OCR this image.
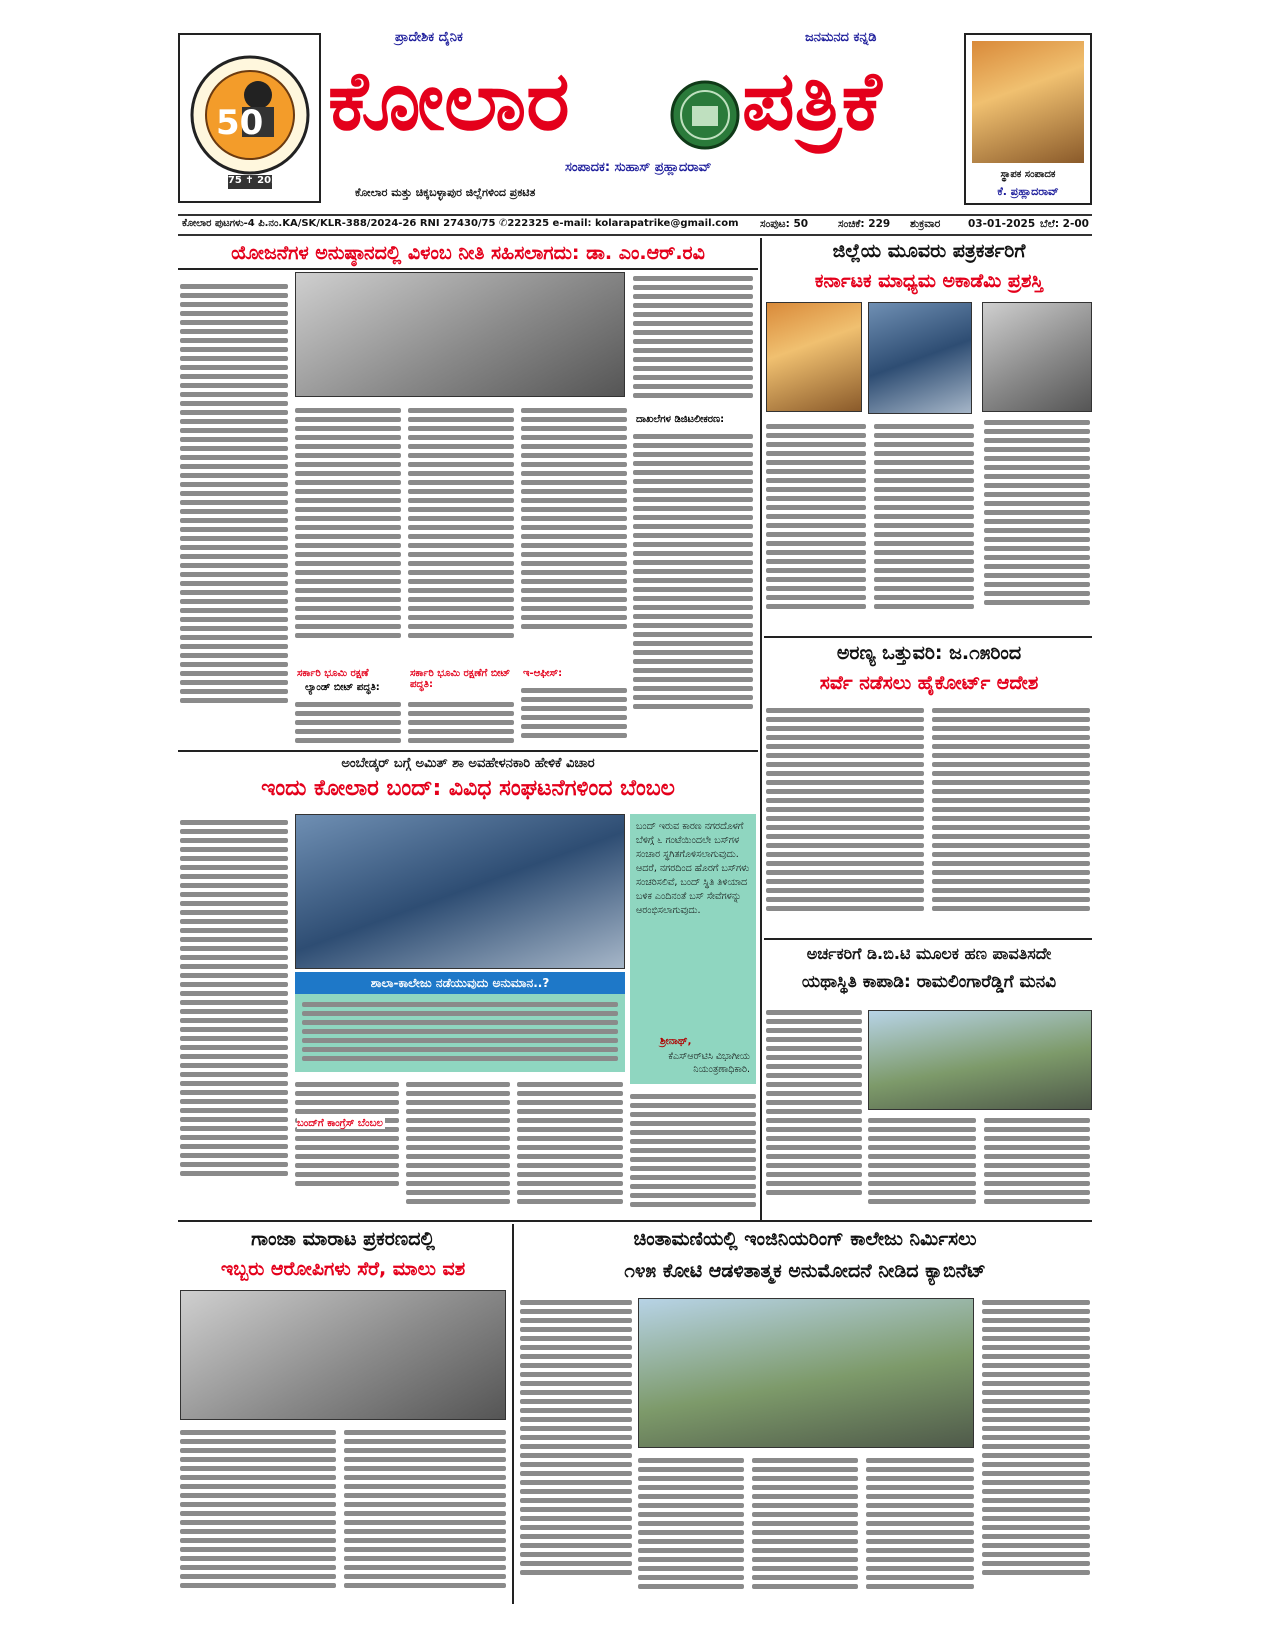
50
1975 ✝ 2025
ಪ್ರಾದೇಶಿಕ ದೈನಿಕ	ಜನಮನದ ಕನ್ನಡಿ
ಕೋಲಾರ ಪತ್ರಿಕೆ
ಸಂಪಾದಕ: ಸುಹಾಸ್ ಪ್ರಹ್ಲಾದರಾವ್
ಕೋಲಾರ ಮತ್ತು ಚಿಕ್ಕಬಳ್ಳಾಪುರ ಜಿಲ್ಲೆಗಳಿಂದ ಪ್ರಕಟಿತ
ಸ್ಥಾಪಕ ಸಂಪಾದಕ
ಕೆ. ಪ್ರಹ್ಲಾದರಾವ್
ಕೋಲಾರ ಪುಟಗಳು-4 ಪಿ.ನಂ.KA/SK/KLR-388/2024-26 RNI 27430/75 ✆222325 e-mail: kolarapatrike@gmail.com ಸಂಪುಟ: 50	ಸಂಚಿಕೆ: 229 ಶುಕ್ರವಾರ	03-01-2025 ಬೆಲೆ: 2-00
ಯೋಜನೆಗಳ ಅನುಷ್ಠಾನದಲ್ಲಿ ವಿಳಂಬ ನೀತಿ ಸಹಿಸಲಾಗದು: ಡಾ. ಎಂ.ಆರ್.ರವಿ
ದಾಖಲೆಗಳ ಡಿಜಿಟಲೀಕರಣ:
ಸರ್ಕಾರಿ ಭೂಮಿ ರಕ್ಷಣೆ
ಲ್ಯಾಂಡ್ ಬೀಟ್ ಪದ್ಧತಿ:
ಸರ್ಕಾರಿ ಭೂಮಿ ರಕ್ಷಣೆಗೆ ಬೀಟ್ ಪದ್ಧತಿ:
ಇ-ಆಫೀಸ್:
ಜಿಲ್ಲೆಯ ಮೂವರು ಪತ್ರಕರ್ತರಿಗೆ
ಕರ್ನಾಟಕ ಮಾಧ್ಯಮ ಅಕಾಡೆಮಿ ಪ್ರಶಸ್ತಿ
ಅರಣ್ಯ ಒತ್ತುವರಿ: ಜ.೧೫ರಿಂದ
ಸರ್ವೆ ನಡೆಸಲು ಹೈಕೋರ್ಟ್ ಆದೇಶ
ಅರ್ಚಕರಿಗೆ ಡಿ.ಬಿ.ಟಿ ಮೂಲಕ ಹಣ ಪಾವತಿಸದೇ
ಯಥಾಸ್ಥಿತಿ ಕಾಪಾಡಿ: ರಾಮಲಿಂಗಾರೆಡ್ಡಿಗೆ ಮನವಿ
ಅಂಬೇಡ್ಕರ್ ಬಗ್ಗೆ ಅಮಿತ್ ಶಾ ಅವಹೇಳನಕಾರಿ ಹೇಳಿಕೆ ವಿಚಾರ
ಇಂದು ಕೋಲಾರ ಬಂದ್: ವಿವಿಧ ಸಂಘಟನೆಗಳಿಂದ ಬೆಂಬಲ
ಬಂದ್ ಇರುವ ಕಾರಣ ನಗರದೊಳಗೆ ಬೆಳಿಗ್ಗೆ ೬ ಗಂಟೆಯಿಂದಲೇ ಬಸ್‌ಗಳ ಸಂಚಾರ ಸ್ಥಗಿತಗೊಳಿಸಲಾಗುವುದು. ಆದರೆ, ನಗರದಿಂದ ಹೊರಗೆ ಬಸ್‌ಗಳು ಸಂಚರಿಸಲಿವೆ, ಬಂದ್ ಸ್ಥಿತಿ ತಿಳಿಯಾದ ಬಳಿಕ ಎಂದಿನಂತೆ ಬಸ್ ಸೇವೆಗಳನ್ನು ಆರಂಭಿಸಲಾಗುವುದು.
ಶ್ರೀನಾಥ್,
ಕೆಎಸ್‌ಆರ್‌ಟಿಸಿ ವಿಭಾಗೀಯ ನಿಯಂತ್ರಣಾಧಿಕಾರಿ.
ಶಾಲಾ-ಕಾಲೇಜು ನಡೆಯುವುದು ಅನುಮಾನ..?
ಬಂದ್‌ಗೆ ಕಾಂಗ್ರೆಸ್ ಬೆಂಬಲ
ಗಾಂಜಾ ಮಾರಾಟ ಪ್ರಕರಣದಲ್ಲಿ
ಇಬ್ಬರು ಆರೋಪಿಗಳು ಸೆರೆ, ಮಾಲು ವಶ
ಚಿಂತಾಮಣಿಯಲ್ಲಿ ಇಂಜಿನಿಯರಿಂಗ್ ಕಾಲೇಜು ನಿರ್ಮಿಸಲು
೧೪೫ ಕೋಟಿ ಆಡಳಿತಾತ್ಮಕ ಅನುಮೋದನೆ ನೀಡಿದ ಕ್ಯಾಬಿನೆಟ್
